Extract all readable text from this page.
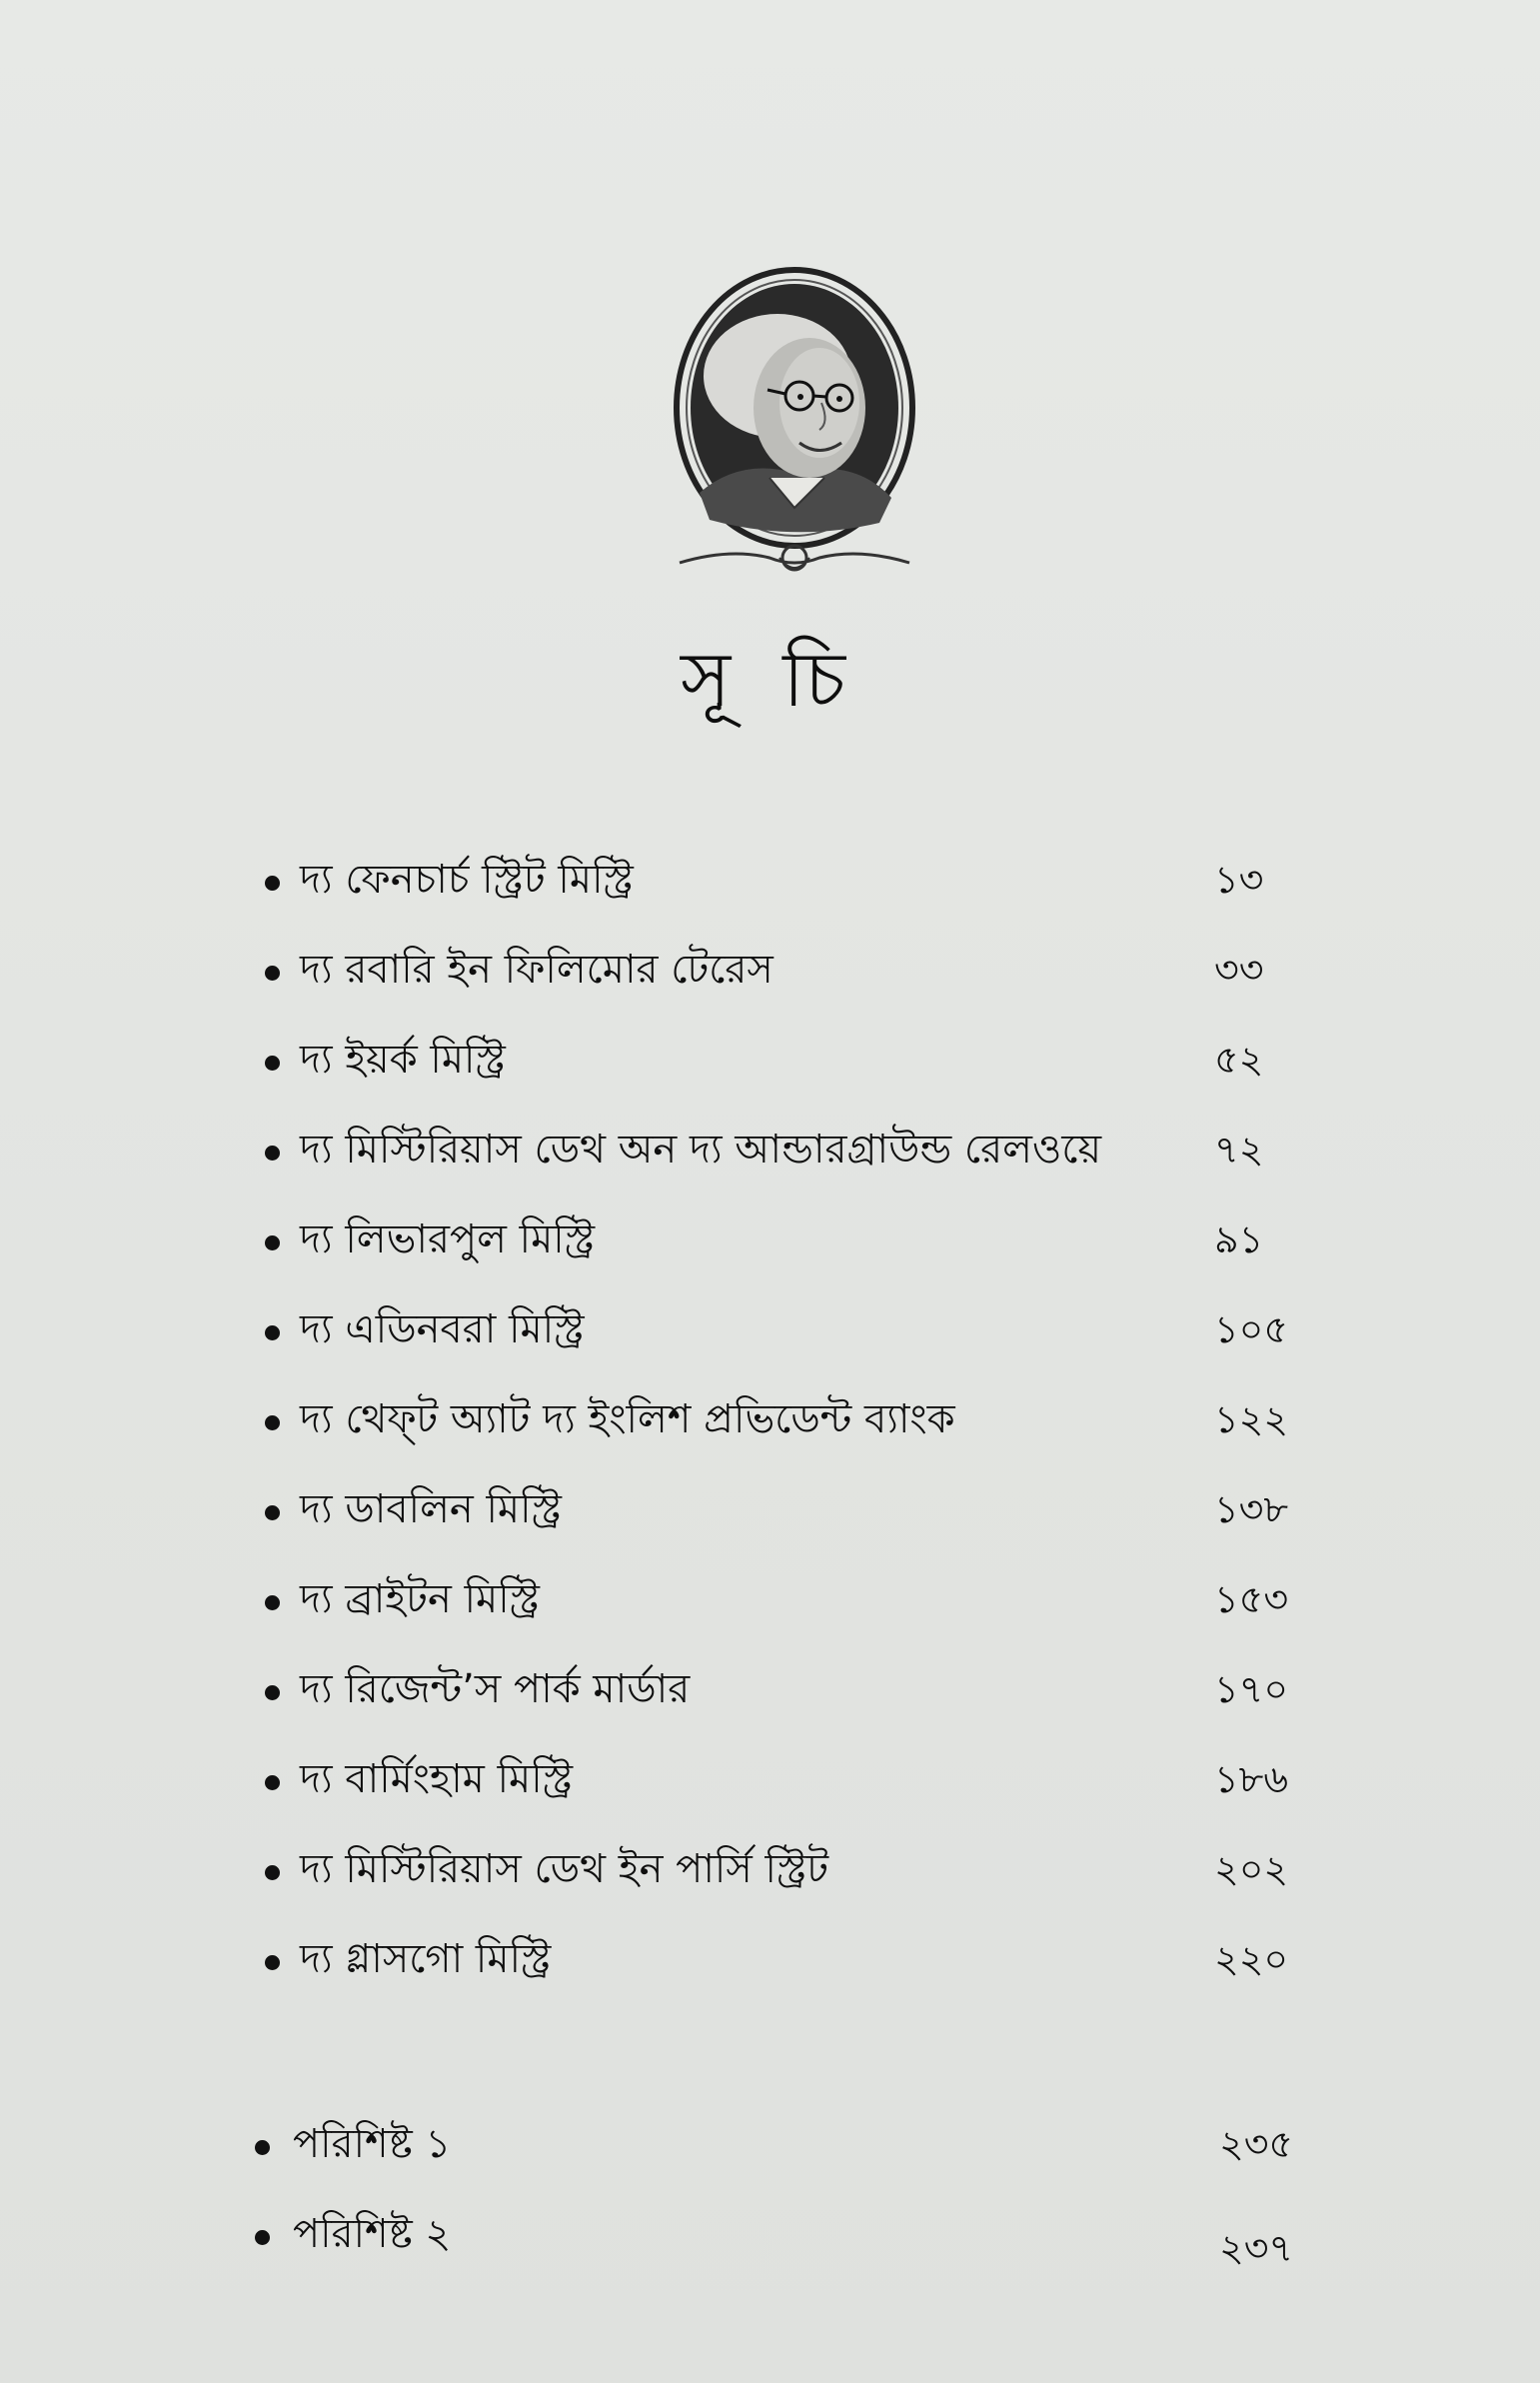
সূ চি
দ্য ফেনচার্চ স্ট্রিট মিস্ট্রি	১৩
দ্য রবারি ইন ফিলিমোর টেরেস	৩৩
দ্য ইয়র্ক মিস্ট্রি	৫২
দ্য মিস্টিরিয়াস ডেথ অন দ্য আন্ডারগ্রাউন্ড রেলওয়ে	৭২
দ্য লিভারপুল মিস্ট্রি	৯১
দ্য এডিনবরা মিস্ট্রি	১০৫
দ্য থেফ্‌ট অ্যাট দ্য ইংলিশ প্রভিডেন্ট ব্যাংক	১২২
দ্য ডাবলিন মিস্ট্রি	১৩৮
দ্য ব্রাইটন মিস্ট্রি	১৫৩
দ্য রিজেন্ট’স পার্ক মার্ডার	১৭০
দ্য বার্মিংহাম মিস্ট্রি	১৮৬
দ্য মিস্টিরিয়াস ডেথ ইন পার্সি স্ট্রিট	২০২
দ্য গ্লাসগো মিস্ট্রি	২২০
পরিশিষ্ট ১	২৩৫
পরিশিষ্ট ২	২৩৭
